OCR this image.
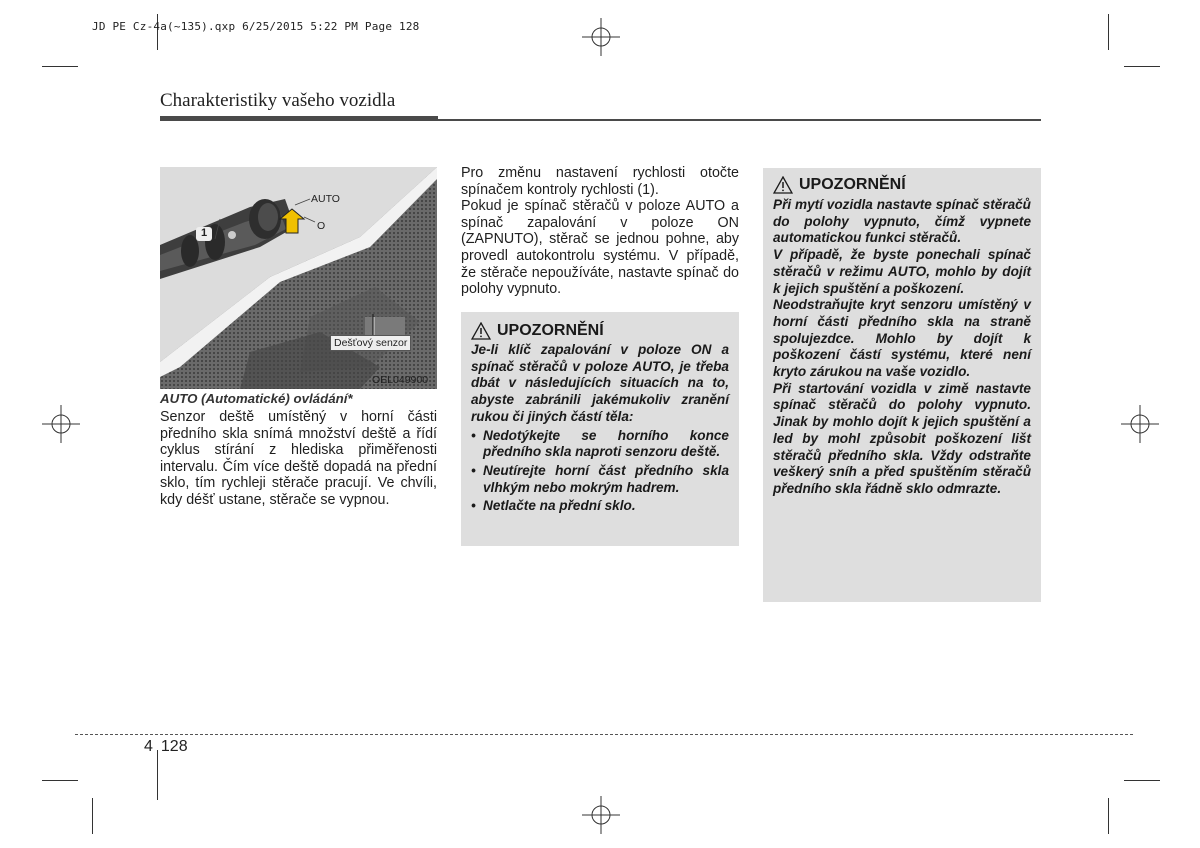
JD PE Cz-4a(~135).qxp 6/25/2015 5:22 PM Page 128
Charakteristiky vašeho vozidla
AUTO
O
1
Dešťový senzor
OEL049900
AUTO (Automatické) ovládání*

Senzor deště umístěný v horní části předního skla snímá množství deště a řídí cyklus stírání z hlediska přiměřenosti intervalu. Čím více deště dopadá na přední sklo, tím rychleji stěrače pracují. Ve chvíli, kdy déšť ustane, stěrače se vypnou.

Pro změnu nastavení rychlosti otočte spínačem kontroly rychlosti (1).

Pokud je spínač stěračů v poloze AUTO a spínač zapalování v poloze ON (ZAPNUTO), stěrač se jednou pohne, aby provedl autokontrolu systému. V případě, že stěrače nepoužíváte, nastavte spínač do polohy vypnuto.

UPOZORNĚNÍ

Je-li klíč zapalování v poloze ON a spínač stěračů v poloze AUTO, je třeba dbát v následujících situacích na to, abyste zabránili jakémukoliv zranění rukou či jiných částí těla:

• Nedotýkejte se horního konce předního skla naproti senzoru deště.
• Neutírejte horní část předního skla vlhkým nebo mokrým hadrem.
• Netlačte na přední sklo.
UPOZORNĚNÍ

Při mytí vozidla nastavte spínač stěračů do polohy vypnuto, čímž vypnete automatickou funkci stěračů.

V případě, že byste ponechali spínač stěračů v režimu AUTO, mohlo by dojít k jejich spuštění a poškození.

Neodstraňujte kryt senzoru umístěný v horní části předního skla na straně spolujezdce. Mohlo by dojít k poškození částí systému, které není kryto zárukou na vaše vozidlo.

Při startování vozidla v zimě nastavte spínač stěračů do polohy vypnuto. Jinak by mohlo dojít k jejich spuštění a led by mohl způsobit poškození lišt stěračů předního skla. Vždy odstraňte veškerý sníh a před spuštěním stěračů předního skla řádně sklo odmrazte.

4 128
